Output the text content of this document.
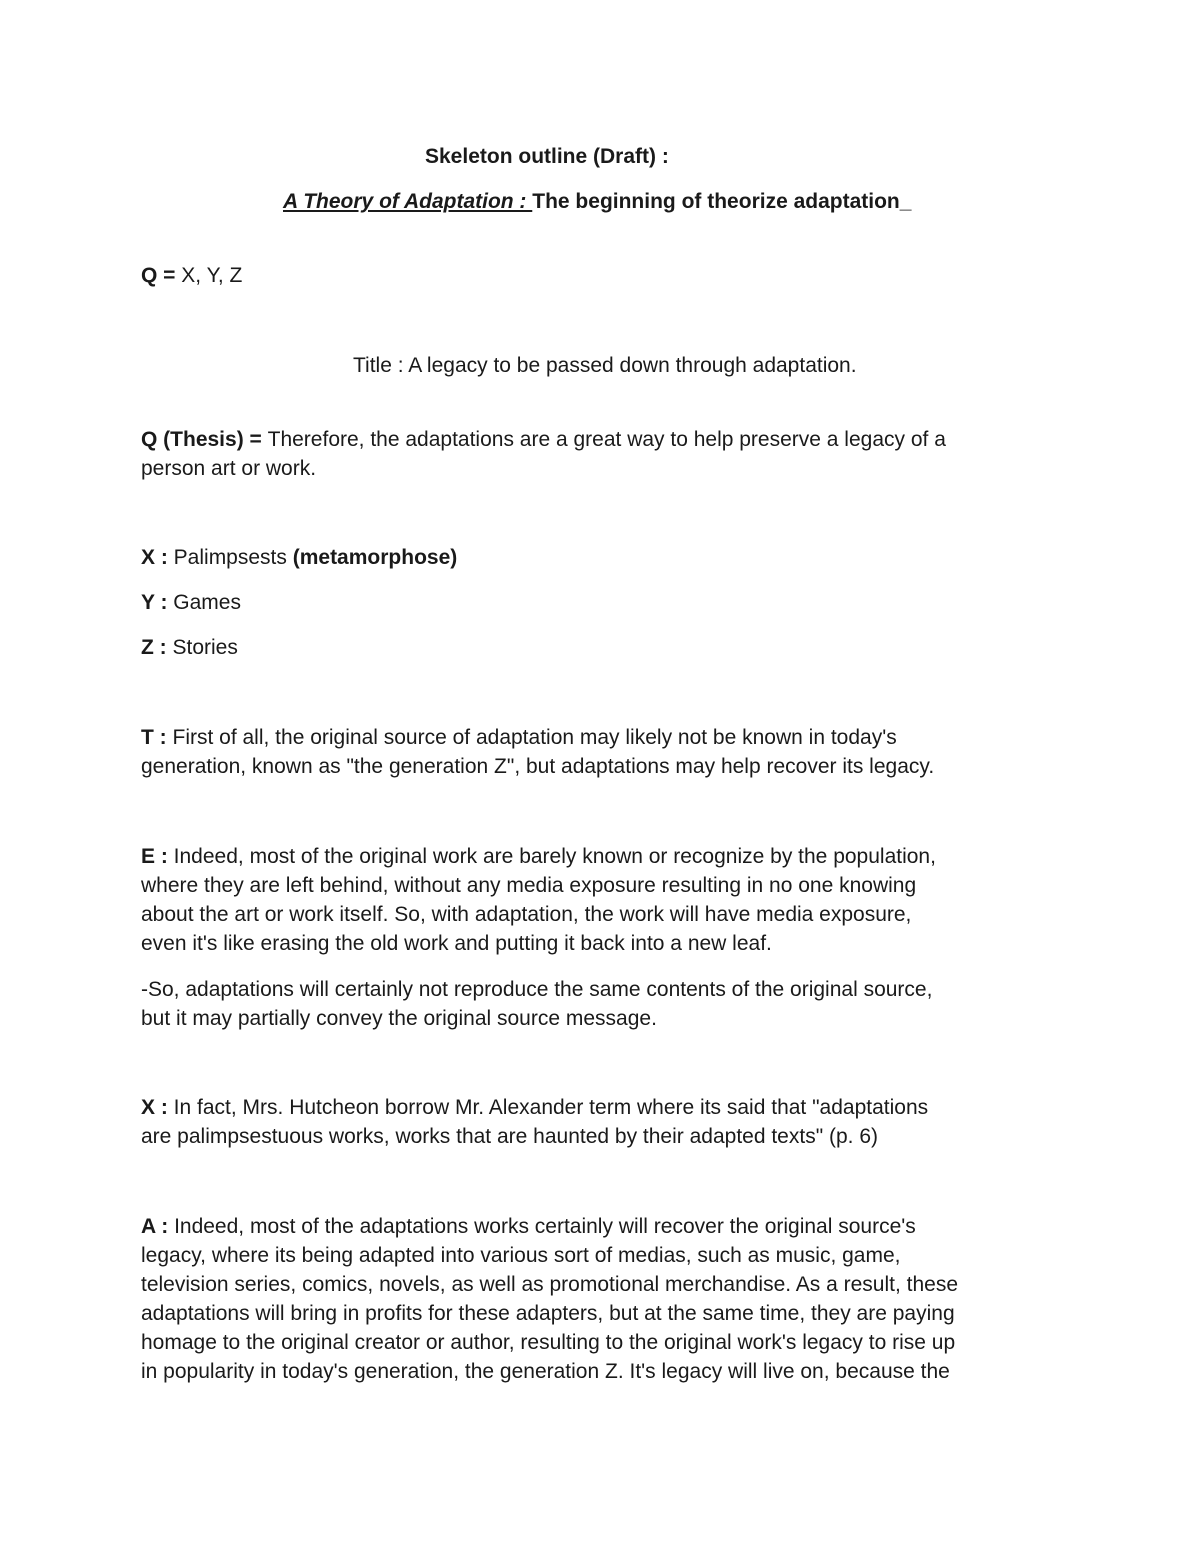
Skeleton outline (Draft) :
A Theory of Adaptation : The beginning of theorize adaptation_
Q = X, Y, Z
Title : A legacy to be passed down through adaptation.
Q (Thesis) = Therefore, the adaptations are a great way to help preserve a legacy of a
person art or work.
X : Palimpsests (metamorphose)
Y : Games
Z : Stories
T : First of all, the original source of adaptation may likely not be known in today's
generation, known as "the generation Z", but adaptations may help recover its legacy.
E : Indeed, most of the original work are barely known or recognize by the population,
where they are left behind, without any media exposure resulting in no one knowing
about the art or work itself. So, with adaptation, the work will have media exposure,
even it's like erasing the old work and putting it back into a new leaf.
-So, adaptations will certainly not reproduce the same contents of the original source,
but it may partially convey the original source message.
X : In fact, Mrs. Hutcheon borrow Mr. Alexander term where its said that "adaptations
are palimpsestuous works, works that are haunted by their adapted texts" (p. 6)
A : Indeed, most of the adaptations works certainly will recover the original source's
legacy, where its being adapted into various sort of medias, such as music, game,
television series, comics, novels, as well as promotional merchandise. As a result, these
adaptations will bring in profits for these adapters, but at the same time, they are paying
homage to the original creator or author, resulting to the original work's legacy to rise up
in popularity in today's generation, the generation Z. It's legacy will live on, because the
